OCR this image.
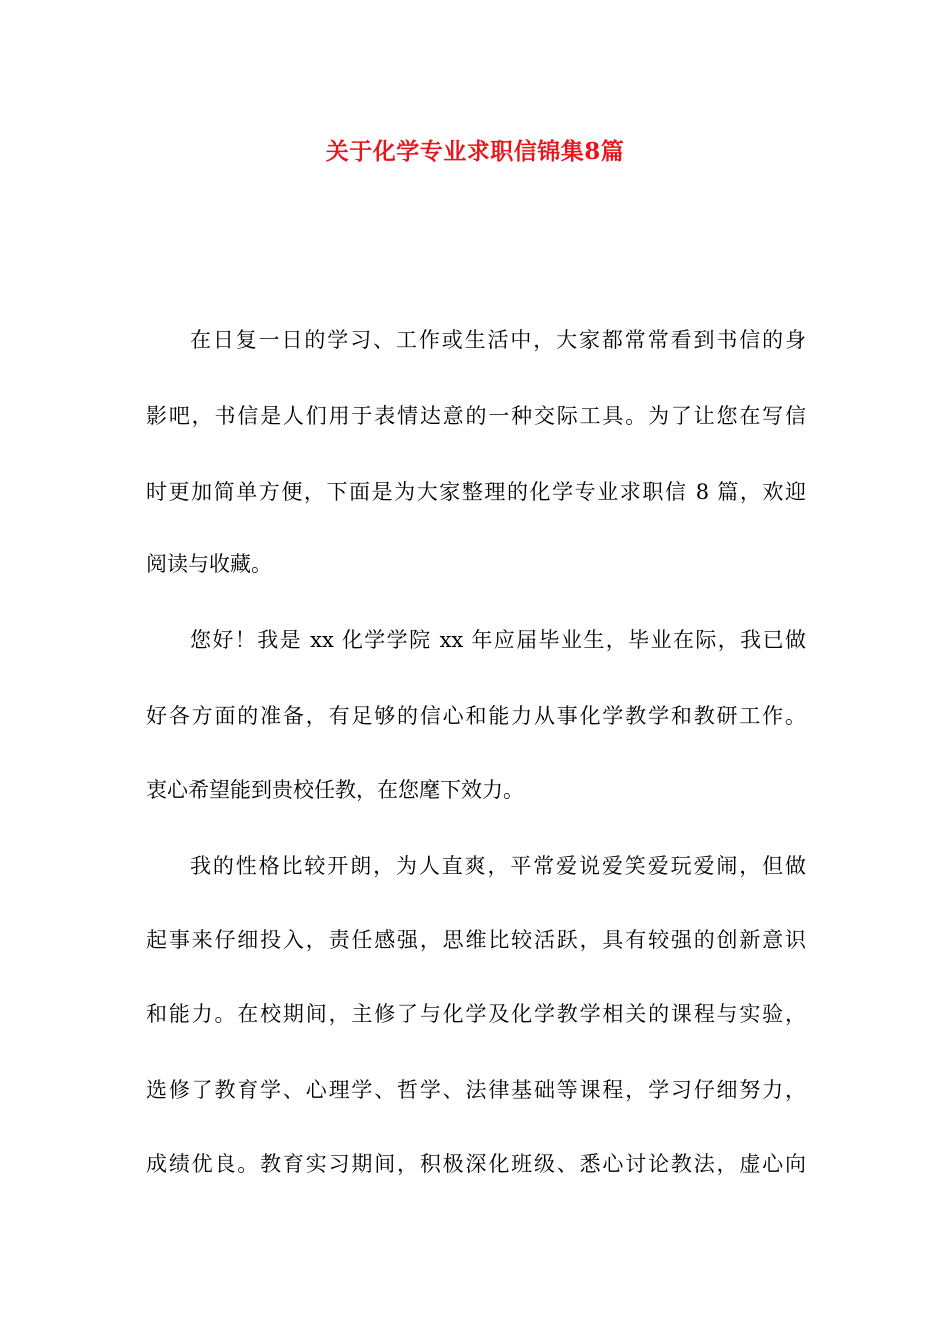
关于化学专业求职信锦集8篇
在日复一日的学习、工作或生活中，大家都常常看到书信的身
影吧，书信是人们用于表情达意的一种交际工具。为了让您在写信
时更加简单方便，下面是为大家整理的化学专业求职信 8 篇，欢迎
阅读与收藏。
您好！我是 xx 化学学院 xx 年应届毕业生，毕业在际，我已做
好各方面的准备，有足够的信心和能力从事化学教学和教研工作。
衷心希望能到贵校任教，在您麾下效力。
我的性格比较开朗，为人直爽，平常爱说爱笑爱玩爱闹，但做
起事来仔细投入，责任感强，思维比较活跃，具有较强的创新意识
和能力。在校期间，主修了与化学及化学教学相关的课程与实验，
选修了教育学、心理学、哲学、法律基础等课程，学习仔细努力，
成绩优良。教育实习期间，积极深化班级、悉心讨论教法，虚心向
